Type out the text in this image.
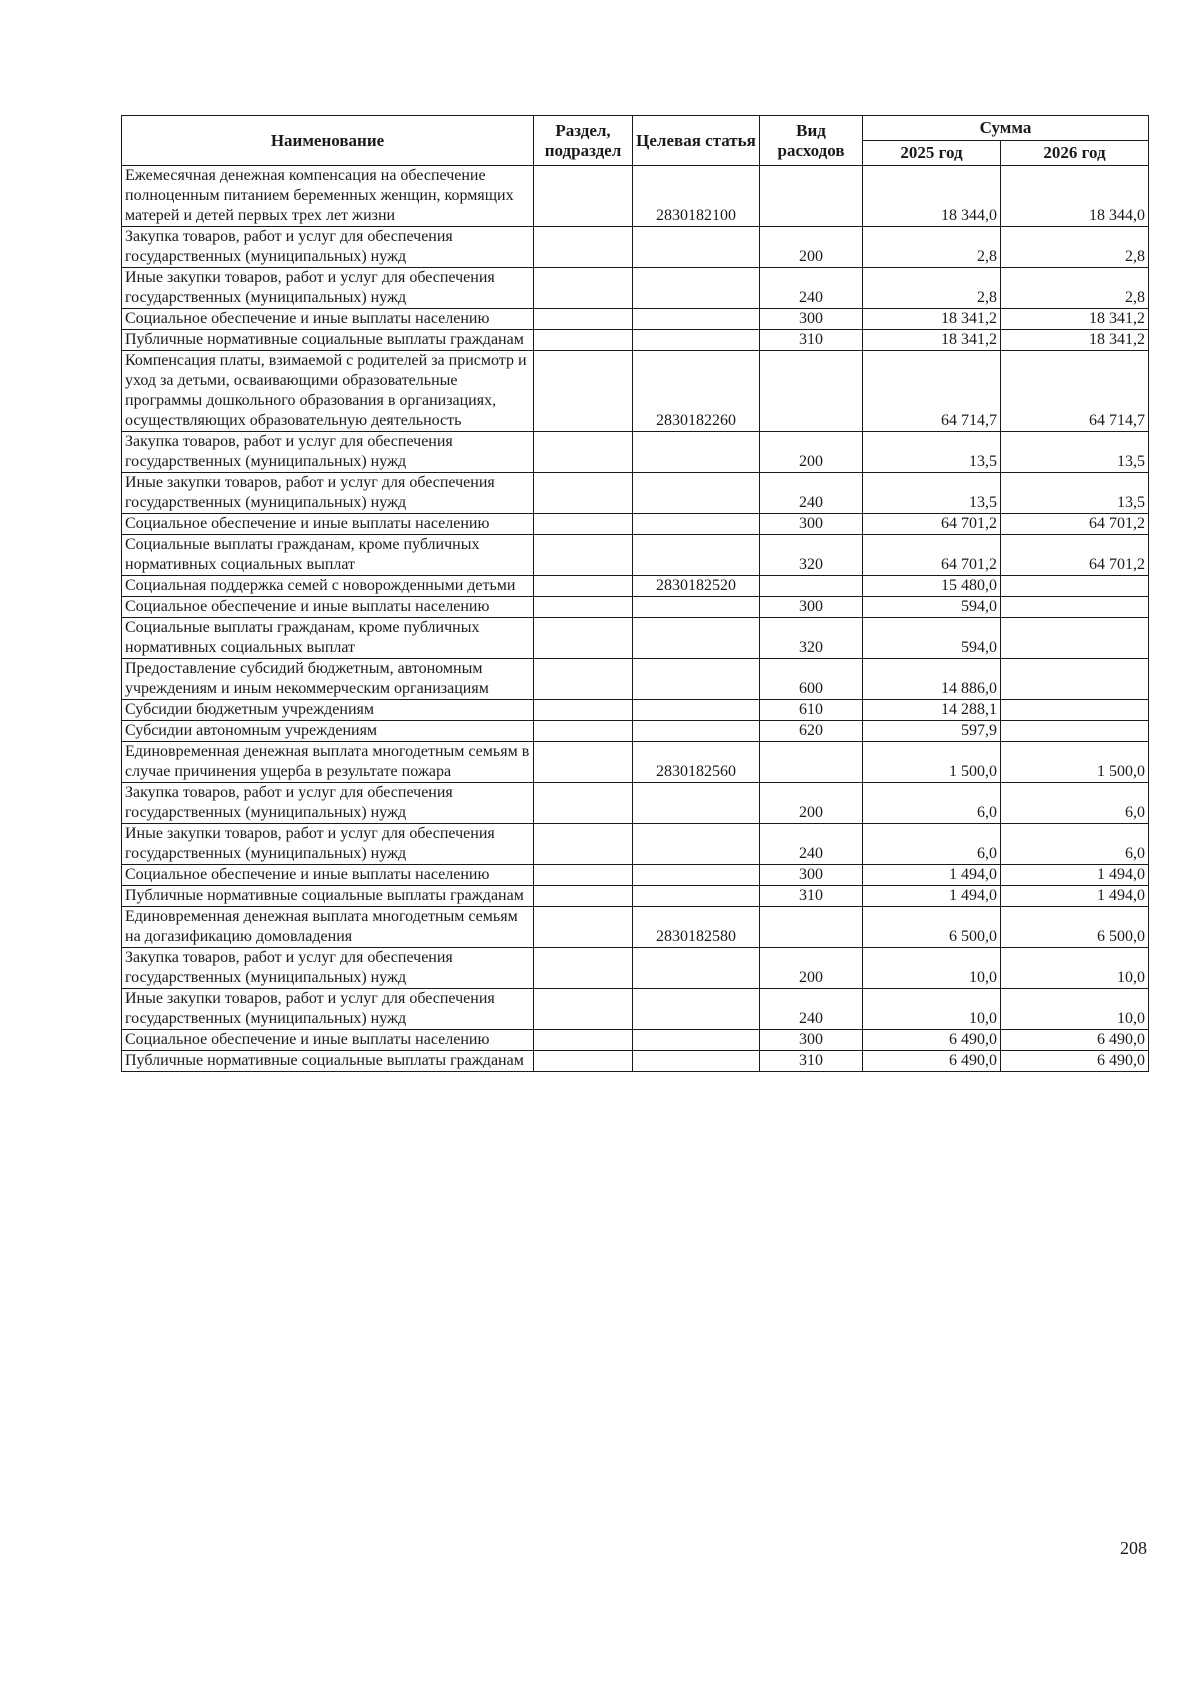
Наименование	Раздел, подраздел	Целевая статья	Вид расходов	Сумма	
				2025 год	2026 год
Ежемесячная денежная компенсация на обеспечение полноценным питанием беременных женщин, кормящих матерей и детей первых трех лет жизни		2830182100		18 344,0	18 344,0
Закупка товаров, работ и услуг для обеспечения государственных (муниципальных) нужд			200	2,8	2,8
Иные закупки товаров, работ и услуг для обеспечения государственных (муниципальных) нужд			240	2,8	2,8
Социальное обеспечение и иные выплаты населению			300	18 341,2	18 341,2
Публичные нормативные социальные выплаты гражданам			310	18 341,2	18 341,2
Компенсация платы, взимаемой с родителей за присмотр и уход за детьми, осваивающими образовательные программы дошкольного образования в организациях, осуществляющих образовательную деятельность		2830182260		64 714,7	64 714,7
Закупка товаров, работ и услуг для обеспечения государственных (муниципальных) нужд			200	13,5	13,5
Иные закупки товаров, работ и услуг для обеспечения государственных (муниципальных) нужд			240	13,5	13,5
Социальное обеспечение и иные выплаты населению			300	64 701,2	64 701,2
Социальные выплаты гражданам, кроме публичных нормативных социальных выплат			320	64 701,2	64 701,2
Социальная поддержка семей с новорожденными детьми		2830182520		15 480,0	
Социальное обеспечение и иные выплаты населению			300	594,0	
Социальные выплаты гражданам, кроме публичных нормативных социальных выплат			320	594,0	
Предоставление субсидий бюджетным, автономным учреждениям и иным некоммерческим организациям			600	14 886,0	
Субсидии бюджетным учреждениям			610	14 288,1	
Субсидии автономным учреждениям			620	597,9	
Единовременная денежная выплата многодетным семьям в случае причинения ущерба в результате пожара		2830182560		1 500,0	1 500,0
Закупка товаров, работ и услуг для обеспечения государственных (муниципальных) нужд			200	6,0	6,0
Иные закупки товаров, работ и услуг для обеспечения государственных (муниципальных) нужд			240	6,0	6,0
Социальное обеспечение и иные выплаты населению			300	1 494,0	1 494,0
Публичные нормативные социальные выплаты гражданам			310	1 494,0	1 494,0
Единовременная денежная выплата многодетным семьям на догазификацию домовладения		2830182580		6 500,0	6 500,0
Закупка товаров, работ и услуг для обеспечения государственных (муниципальных) нужд			200	10,0	10,0
Иные закупки товаров, работ и услуг для обеспечения государственных (муниципальных) нужд			240	10,0	10,0
Социальное обеспечение и иные выплаты населению			300	6 490,0	6 490,0
Публичные нормативные социальные выплаты гражданам			310	6 490,0	6 490,0
208
